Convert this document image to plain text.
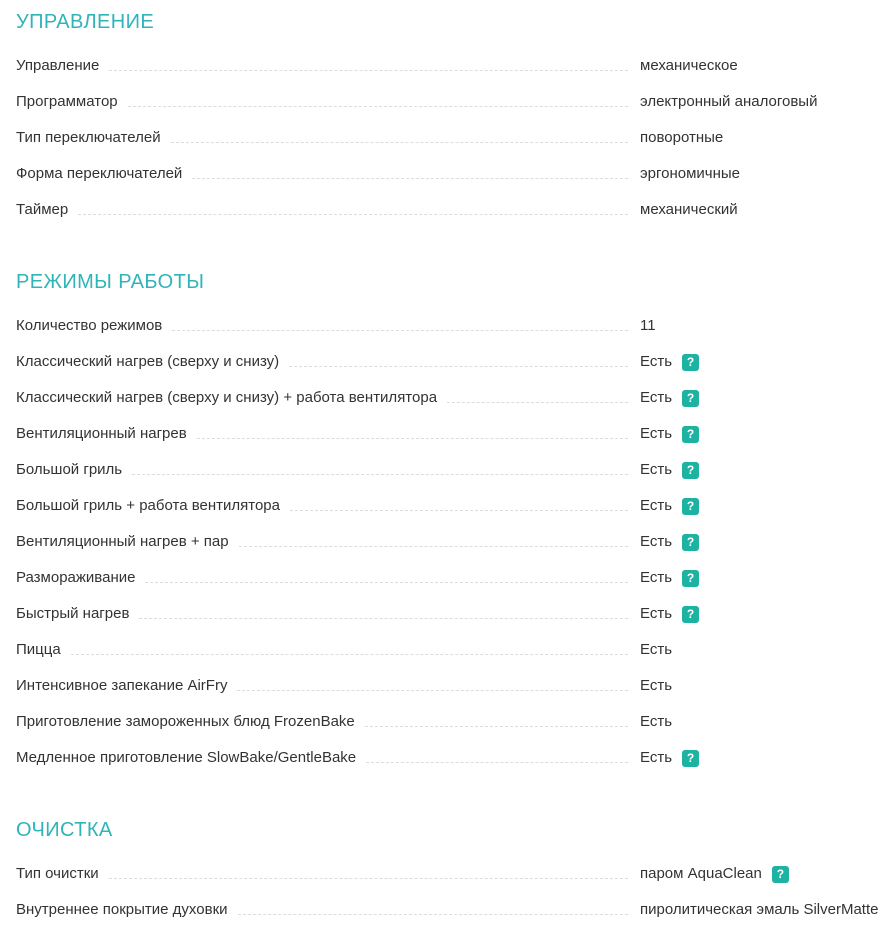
УПРАВЛЕНИЕ
Управление	механическое
Программатор	электронный аналоговый
Тип переключателей	поворотные
Форма переключателей	эргономичные
Таймер	механический
РЕЖИМЫ РАБОТЫ
Количество режимов	11
Классический нагрев (сверху и снизу)	Есть	?
Классический нагрев (сверху и снизу) + работа вентилятора	Есть	?
Вентиляционный нагрев	Есть	?
Большой гриль	Есть	?
Большой гриль + работа вентилятора	Есть	?
Вентиляционный нагрев + пар	Есть	?
Размораживание	Есть	?
Быстрый нагрев	Есть	?
Пицца	Есть
Интенсивное запекание AirFry	Есть
Приготовление замороженных блюд FrozenBake	Есть
Медленное приготовление SlowBake/GentleBake	Есть	?
ОЧИСТКА
Тип очистки	паром AquaClean	?
Внутреннее покрытие духовки	пиролитическая эмаль SilverMatte
